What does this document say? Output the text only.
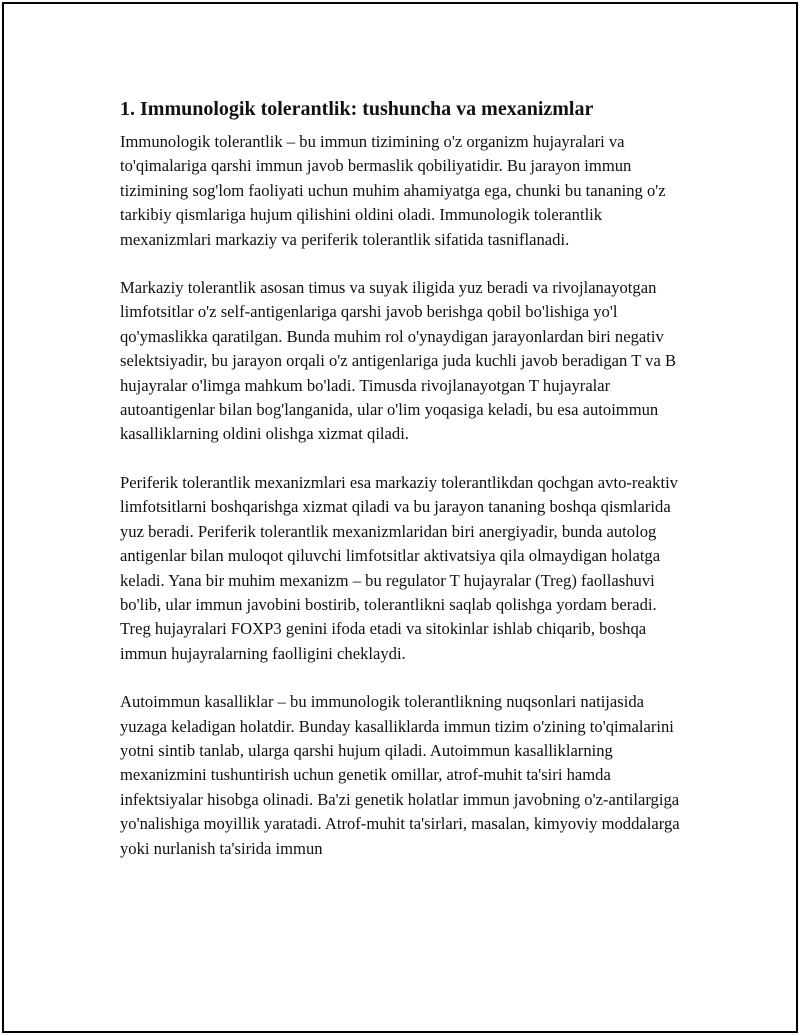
1. Immunologik tolerantlik: tushuncha va mexanizmlar

Immunologik tolerantlik – bu immun tizimining o'z organizm hujayralari va to'qimalariga qarshi immun javob bermaslik qobiliyatidir. Bu jarayon immun tizimining sog'lom faoliyati uchun muhim ahamiyatga ega, chunki bu tananing o'z tarkibiy qismlariga hujum qilishini oldini oladi. Immunologik tolerantlik mexanizmlari markaziy va periferik tolerantlik sifatida tasniflanadi.

Markaziy tolerantlik asosan timus va suyak iligida yuz beradi va rivojlanayotgan limfotsitlar o'z self-antigenlariga qarshi javob berishga qobil bo'lishiga yo'l qo'ymaslikka qaratilgan. Bunda muhim rol o'ynaydigan jarayonlardan biri negativ selektsiyadir, bu jarayon orqali o'z antigenlariga juda kuchli javob beradigan T va B hujayralar o'limga mahkum bo'ladi. Timusda rivojlanayotgan T hujayralar autoantigenlar bilan bog'langanida, ular o'lim yoqasiga keladi, bu esa autoimmun kasalliklarning oldini olishga xizmat qiladi.

Periferik tolerantlik mexanizmlari esa markaziy tolerantlikdan qochgan avto-reaktiv limfotsitlarni boshqarishga xizmat qiladi va bu jarayon tananing boshqa qismlarida yuz beradi. Periferik tolerantlik mexanizmlaridan biri anergiyadir, bunda autolog antigenlar bilan muloqot qiluvchi limfotsitlar aktivatsiya qila olmaydigan holatga keladi. Yana bir muhim mexanizm – bu regulator T hujayralar (Treg) faollashuvi bo'lib, ular immun javobini bostirib, tolerantlikni saqlab qolishga yordam beradi. Treg hujayralari FOXP3 genini ifoda etadi va sitokinlar ishlab chiqarib, boshqa immun hujayralarning faolligini cheklaydi.

Autoimmun kasalliklar – bu immunologik tolerantlikning nuqsonlari natijasida yuzaga keladigan holatdir. Bunday kasalliklarda immun tizim o'zining to'qimalarini yotni sintib tanlab, ularga qarshi hujum qiladi. Autoimmun kasalliklarning mexanizmini tushuntirish uchun genetik omillar, atrof-muhit ta'siri hamda infektsiyalar hisobga olinadi. Ba'zi genetik holatlar immun javobning o'z-antilargiga yo'nalishiga moyillik yaratadi. Atrof-muhit ta'sirlari, masalan, kimyoviy moddalarga yoki nurlanish ta'sirida immun
